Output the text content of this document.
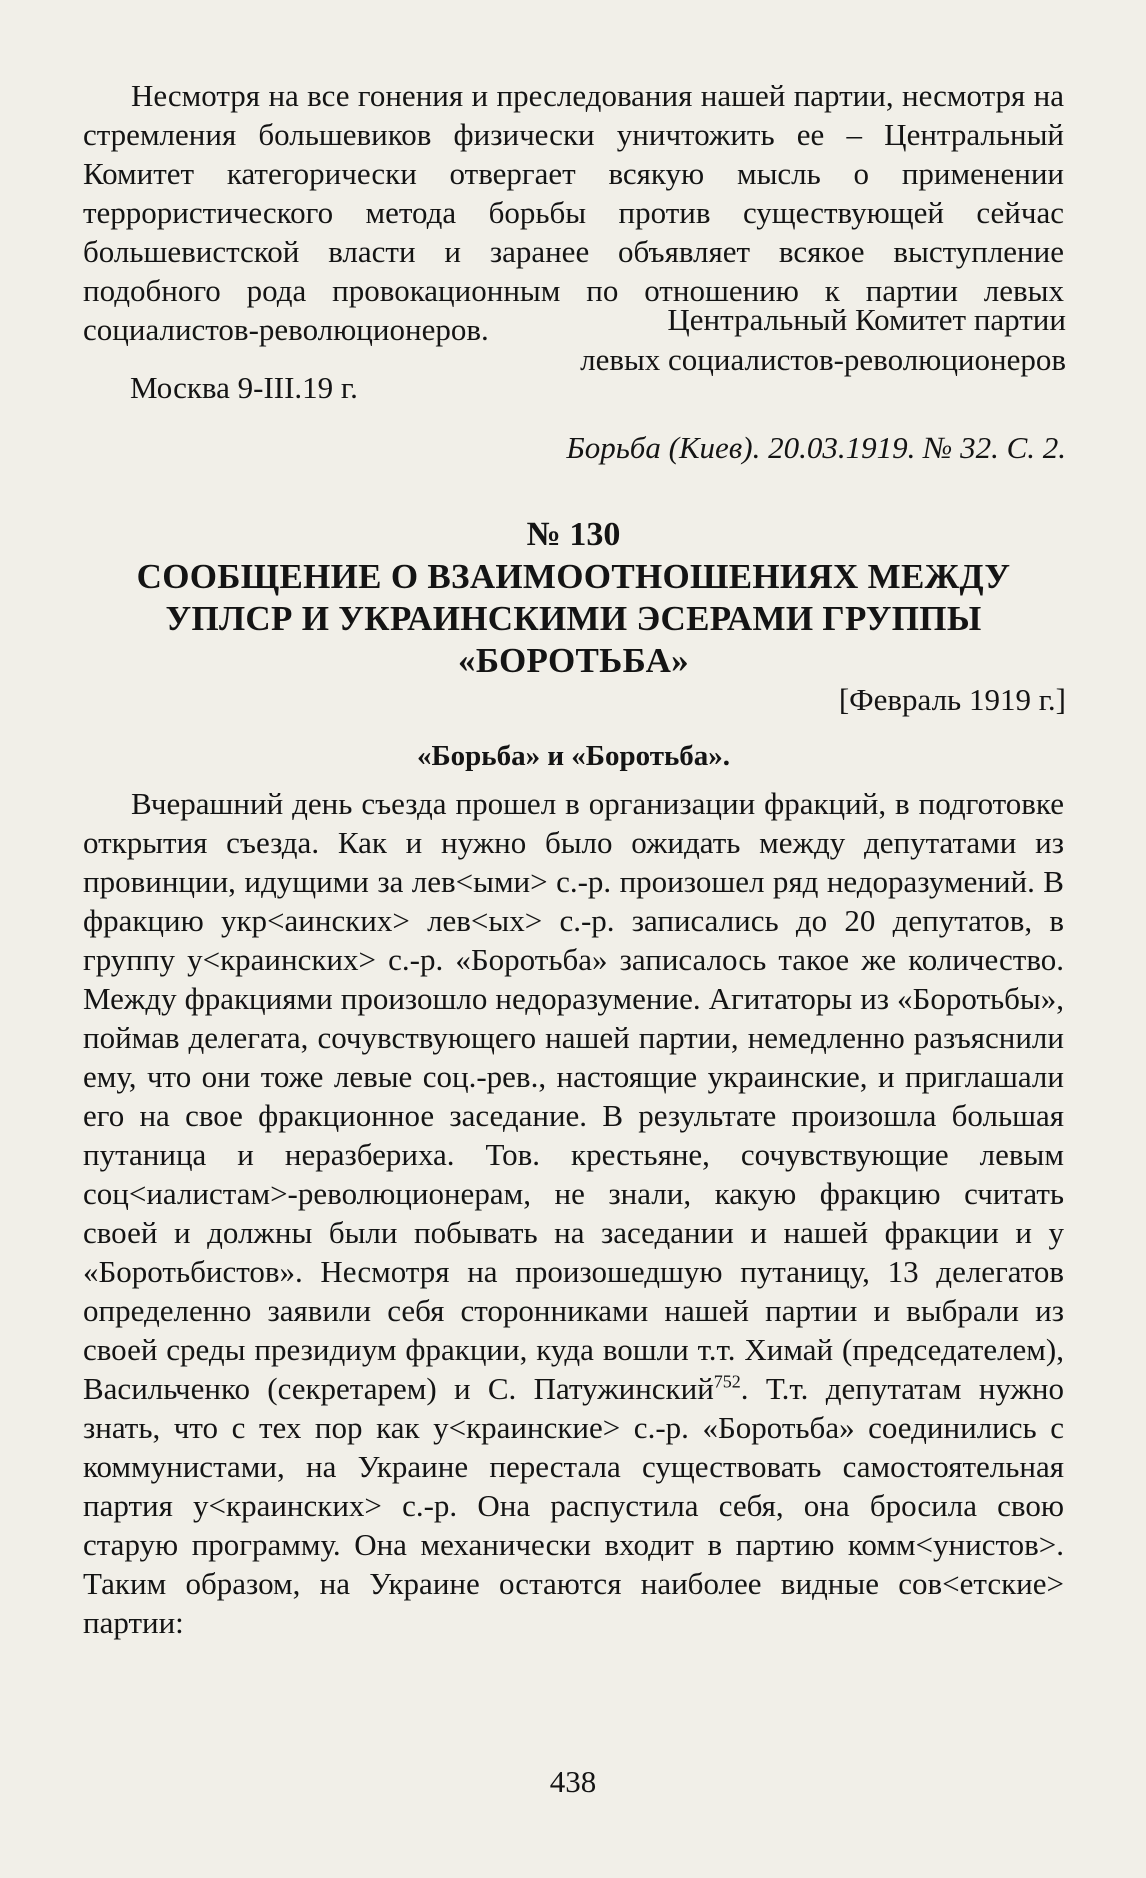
Несмотря на все гонения и преследования нашей партии, несмотря на стремления большевиков физически уничтожить ее – Центральный Комитет категорически отвергает всякую мысль о применении террористического метода борьбы против существующей сейчас большевистской власти и заранее объявляет всякое выступление подобного рода провокационным по отношению к партии левых социалистов-революционеров.	Центральный Комитет партии

левых социалистов-революционеров

Москва 9-III.19 г.

Борьба (Киев). 20.03.1919. № 32. С. 2.

№ 130

СООБЩЕНИЕ О ВЗАИМООТНОШЕНИЯХ МЕЖДУ

УПЛСР И УКРАИНСКИМИ ЭСЕРАМИ ГРУППЫ

«БОРОТЬБА»

[Февраль 1919 г.]

«Борьба» и «Боротьба».

Вчерашний день съезда прошел в организации фракций, в подготовке открытия съезда. Как и нужно было ожидать между депутатами из провинции, идущими за лев<ыми> с.-р. произошел ряд недоразумений. В фракцию укр<аинских> лев<ых> с.-р. записались до 20 депутатов, в группу у<краинских> с.-р. «Боротьба» записалось такое же количество. Между фракциями произошло недоразумение. Агитаторы из «Боротьбы», поймав делегата, сочувствующего нашей партии, немедленно разъяснили ему, что они тоже левые соц.-рев., настоящие украинские, и приглашали его на свое фракционное заседание. В результате произошла большая путаница и неразбериха. Тов. крестьяне, сочувствующие левым соц<иалистам>-революционерам, не знали, какую фракцию считать своей и должны были побывать на заседании и нашей фракции и у «Боротьбистов». Несмотря на произошедшую путаницу, 13 делегатов определенно заявили себя сторонниками нашей партии и выбрали из своей среды президиум фракции, куда вошли т.т. Химай (председателем), Васильченко (секретарем) и С. Патужинский$^{752}$. Т.т. депутатам нужно знать, что с тех пор как у<краинские> с.-р. «Боротьба» соединились с коммунистами, на Украине перестала существовать самостоятельная партия у<краинских> с.-р. Она распустила себя, она бросила свою старую программу. Она механически входит в партию комм<унистов>. Таким образом, на Украине остаются наиболее видные сов<етские> партии:

438
